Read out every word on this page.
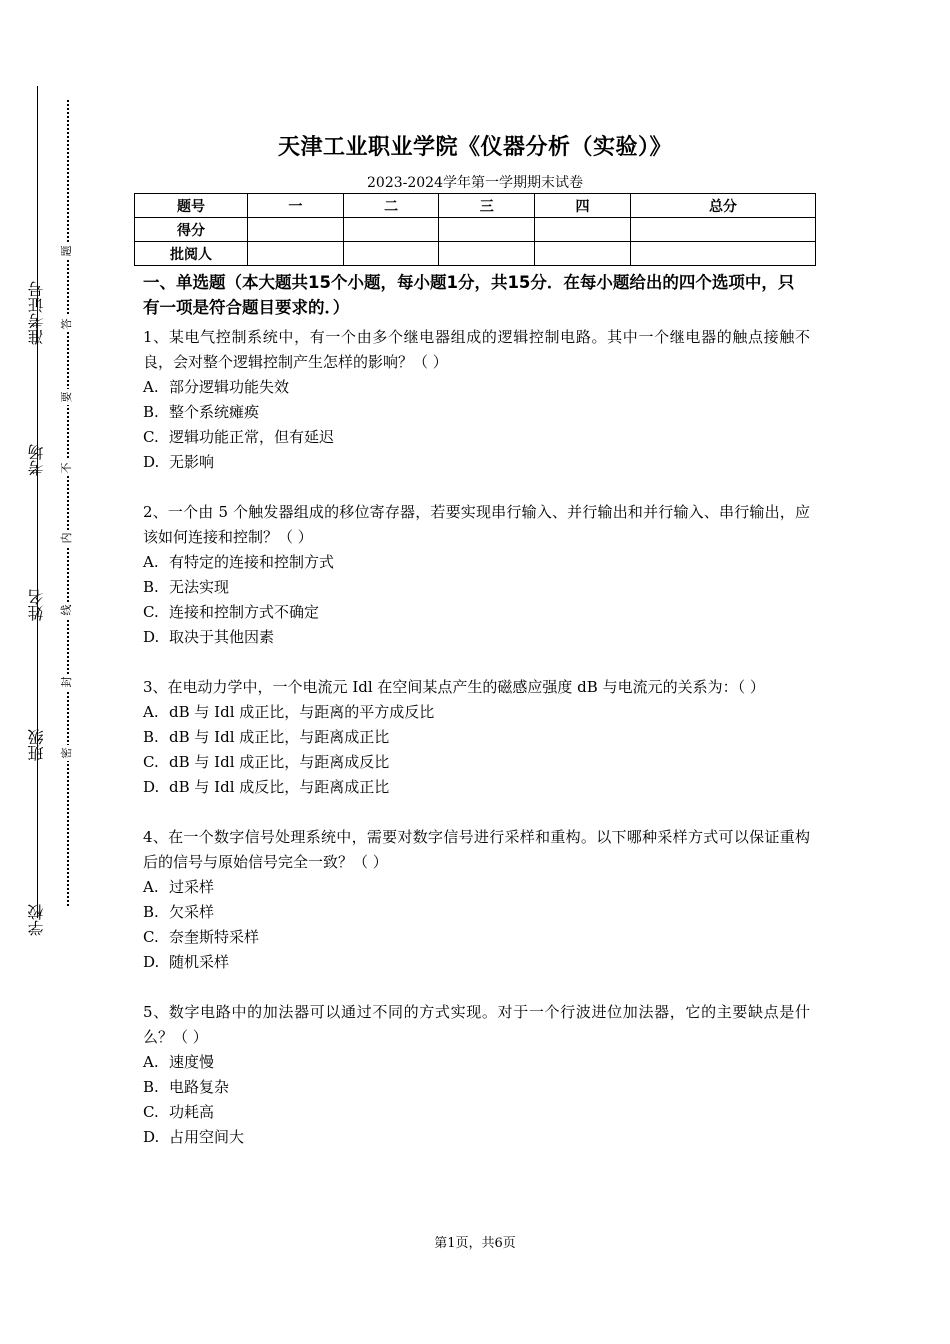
准考证号
考场
姓名
班级
学校
题
答
要
不
内
线
封
密
天津工业职业学院《仪器分析（实验）》
2023-2024学年第一学期期末试卷
题号	一	二	三	四	总分
得分					
批阅人					
一、单选题（本大题共15个小题，每小题1分，共15分．在每小题给出的四个选项中，只有一项是符合题目要求的．）
1、某电气控制系统中，有一个由多个继电器组成的逻辑控制电路。其中一个继电器的触点接触不良，会对整个逻辑控制产生怎样的影响？（ ）
A. 部分逻辑功能失效
B. 整个系统瘫痪
C. 逻辑功能正常，但有延迟
D. 无影响
2、一个由 5 个触发器组成的移位寄存器，若要实现串行输入、并行输出和并行输入、串行输出，应该如何连接和控制？（ ）
A. 有特定的连接和控制方式
B. 无法实现
C. 连接和控制方式不确定
D. 取决于其他因素
3、在电动力学中，一个电流元 Idl 在空间某点产生的磁感应强度 dB 与电流元的关系为：（ ）
A. dB 与 Idl 成正比，与距离的平方成反比
B. dB 与 Idl 成正比，与距离成正比
C. dB 与 Idl 成正比，与距离成反比
D. dB 与 Idl 成反比，与距离成正比
4、在一个数字信号处理系统中，需要对数字信号进行采样和重构。以下哪种采样方式可以保证重构后的信号与原始信号完全一致？（ ）
A. 过采样
B. 欠采样
C. 奈奎斯特采样
D. 随机采样
5、数字电路中的加法器可以通过不同的方式实现。对于一个行波进位加法器，它的主要缺点是什么？（ ）
A. 速度慢
B. 电路复杂
C. 功耗高
D. 占用空间大
第1页，共6页
